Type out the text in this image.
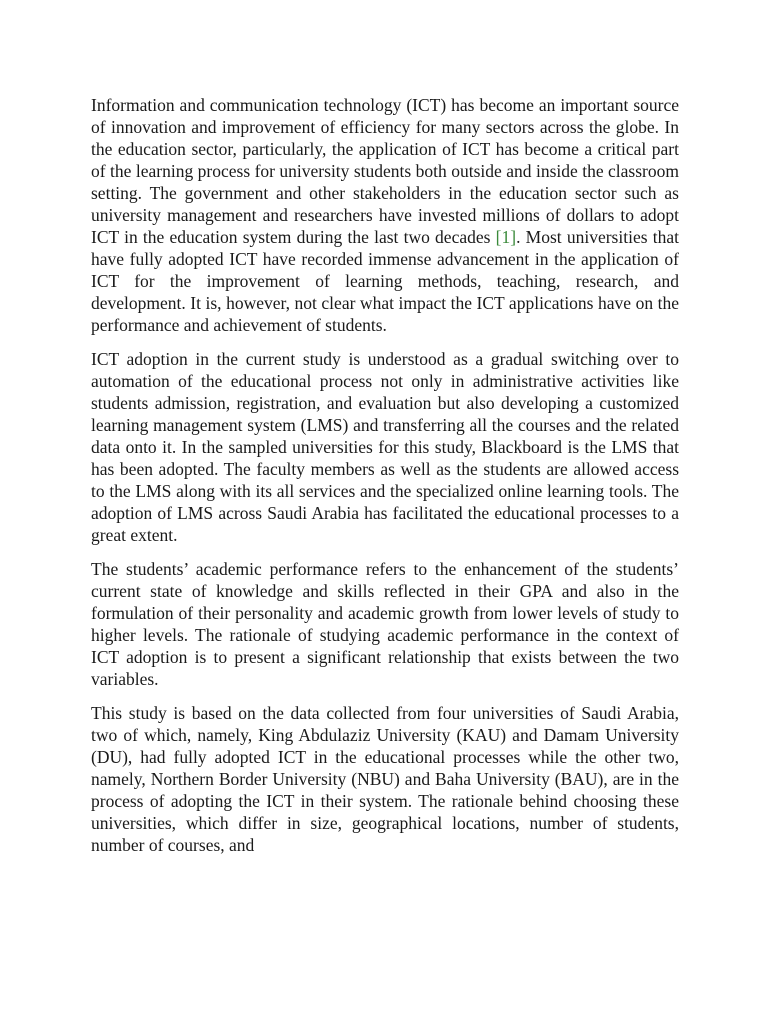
Information and communication technology (ICT) has become an important source of innovation and improvement of efficiency for many sectors across the globe. In the education sector, particularly, the application of ICT has become a critical part of the learning process for university students both outside and inside the classroom setting. The government and other stakeholders in the education sector such as university management and researchers have invested millions of dollars to adopt ICT in the education system during the last two decades [1]. Most universities that have fully adopted ICT have recorded immense advancement in the application of ICT for the improvement of learning methods, teaching, research, and development. It is, however, not clear what impact the ICT applications have on the performance and achievement of students.

ICT adoption in the current study is understood as a gradual switching over to automation of the educational process not only in administrative activities like students admission, registration, and evaluation but also developing a customized learning management system (LMS) and transferring all the courses and the related data onto it. In the sampled universities for this study, Blackboard is the LMS that has been adopted. The faculty members as well as the students are allowed access to the LMS along with its all services and the specialized online learning tools. The adoption of LMS across Saudi Arabia has facilitated the educational processes to a great extent.

The students’ academic performance refers to the enhancement of the students’ current state of knowledge and skills reflected in their GPA and also in the formulation of their personality and academic growth from lower levels of study to higher levels. The rationale of studying academic performance in the context of ICT adoption is to present a significant relationship that exists between the two variables.

This study is based on the data collected from four universities of Saudi Arabia, two of which, namely, King Abdulaziz University (KAU) and Damam University (DU), had fully adopted ICT in the educational processes while the other two, namely, Northern Border University (NBU) and Baha University (BAU), are in the process of adopting the ICT in their system. The rationale behind choosing these universities, which differ in size, geographical locations, number of students, number of courses, and
